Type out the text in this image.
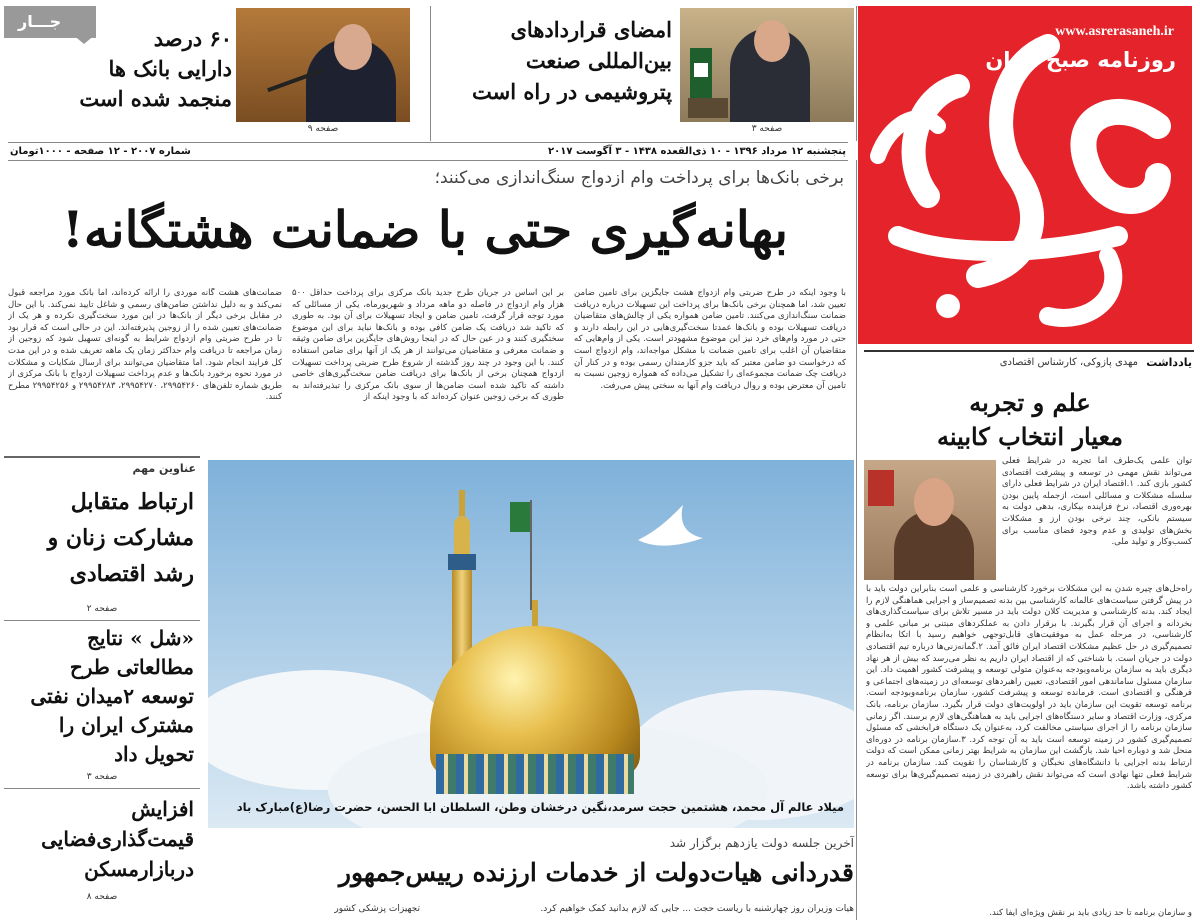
www.asrerasaneh.ir
روزنامه صبح ایران
صفحه ۳
امضای قراردادهای
بین‌المللی صنعت
پتروشیمی در راه است
صفحه ۹
۶۰ درصد
دارایی بانک ها
منجمد شده است
جـــار
پنجشنبه ۱۲ مرداد ۱۳۹۶ - ۱۰ ذی‌القعده ۱۴۳۸ - ۳ آگوست ۲۰۱۷
شماره ۲۰۰۷ - ۱۲ صفحه - ۱۰۰۰تومان
برخی بانک‌ها برای پرداخت وام ازدواج سنگ‌اندازی می‌کنند؛
بهانه‌گیری حتی با ضمانت هشتگانه!
با وجود اینکه در طرح ضربتی وام ازدواج هشت جایگزین برای تامین ضامن تعیین شد، اما همچنان برخی بانک‌ها برای پرداخت این تسهیلات درباره دریافت ضمانت سنگ‌اندازی می‌کنند. تامین ضامن همواره یکی از چالش‌های متقاضیان دریافت تسهیلات بوده و بانک‌ها عمدتا سخت‌گیری‌هایی در این رابطه دارند و حتی در مورد وام‌های خرد نیز این موضوع مشهودتر است. یکی از وام‌هایی که متقاضیان آن اغلب برای تامین ضمانت با مشکل مواجه‌اند، وام ازدواج است که درخواست دو ضامن معتبر که باید جزو کارمندان رسمی بوده و در کنار آن دریافت چک ضمانت مجموعه‌ای را تشکیل می‌داده که همواره زوجین نسبت به تامین آن معترض بوده و روال دریافت وام آنها به سختی پیش می‌رفت.
بر این اساس در جریان طرح جدید بانک مرکزی برای پرداخت حداقل ۵۰۰ هزار وام ازدواج در فاصله دو ماهه مرداد و شهریورماه، یکی از مسائلی که مورد توجه قرار گرفت، تامین ضامن و ایجاد تسهیلات برای آن بود. به طوری که تاکید شد دریافت یک ضامن کافی بوده و بانک‌ها نباید برای این موضوع سختگیری کنند و در عین حال که در اینجا روش‌های جایگزین برای ضامن وثیقه و ضمانت معرفی و متقاضیان می‌توانند از هر یک از آنها برای ضامن استفاده کنند. با این وجود در چند روز گذشته از شروع طرح ضربتی پرداخت تسهیلات ازدواج همچنان برخی از بانک‌ها برای دریافت ضامن سخت‌گیری‌های خاصی داشته که تاکید شده است ضامن‌ها از سوی بانک مرکزی را تبذیرفته‌اند به طوری که برخی زوجین عنوان کرده‌اند که با وجود اینکه از
ضمانت‌های هشت گانه موردی را ارائه کرده‌اند، اما بانک مورد مراجعه قبول نمی‌کند و به دلیل نداشتن ضامن‌های رسمی و شاغل تایید نمی‌کند. با این حال در مقابل برخی دیگر از بانک‌ها در این مورد سخت‌گیری نکرده و هر یک از ضمانت‌های تعیین شده را از زوجین پذیرفته‌اند. این در حالی است که قرار بود تا در طرح ضربتی وام ازدواج شرایط به گونه‌ای تسهیل شود که زوجین از زمان مراجعه تا دریافت وام حداکثر زمان یک ماهه تعریف شده و در این مدت کل فرایند انجام شود. اما متقاضیان می‌توانند برای ارسال شکایات و مشکلات در مورد نحوه برخورد بانک‌ها و عدم پرداخت تسهیلات ازدواج با بانک مرکزی از طریق شماره تلفن‌های ۲۹۹۵۴۲۶۰، ۲۹۹۵۴۲۷۰، ۲۹۹۵۴۲۸۳ و ۲۹۹۵۴۲۵۶ مطرح کنند.
میلاد عالم آل محمد، هشتمین حجت سرمد،نگین درخشان وطن، السلطان ابا الحسن، حضرت رضا(ع)مبارک باد
آخرین جلسه دولت یازدهم برگزار شد
قدردانی هیات‌دولت از خدمات ارزنده رییس‌جمهور
هیات وزیران روز چهارشنبه با ریاست حجت ... جایی که لازم بدانید کمک خواهیم کرد.
تجهیزات پزشکی کشور
عناوین مهم
ارتباط متقابل
مشارکت زنان و
رشد اقتصادی
صفحه ۲
«شل » نتایج
مطالعاتی طرح
توسعه ۲میدان نفتی
مشترک ایران را
تحویل داد
صفحه ۳
افزایش
قیمت‌گذاری‌فضایی
دربازارمسکن
صفحه ۸
یادداشت
مهدی پازوکی، کارشناس اقتصادی
علم و تجربه
معیار انتخاب کابینه
توان علمی یک‌طرف اما تجربه در شرایط فعلی می‌تواند نقش مهمی در توسعه و پیشرفت اقتصادی کشور بازی کند. ۱.اقتصاد ایران در شرایط فعلی دارای سلسله مشکلات و مسائلی است، ازجمله پایین بودن بهره‌وری اقتصاد، نرخ فزاینده بیکاری، بدهی دولت به سیستم بانکی، چند نرخی بودن ارز و مشکلات بخش‌های تولیدی و عدم وجود فضای مناسب برای کسب‌وکار و تولید ملی.
راه‌حل‌های چیره شدن به این مشکلات برخورد کارشناسی و علمی است بنابراین دولت باید با در پیش گرفتن سیاست‌های عالمانه کارشناسی بین بدنه تصمیم‌ساز و اجرایی هماهنگی لازم را ایجاد کند. بدنه کارشناسی و مدیریت کلان دولت باید در مسیر تلاش برای سیاست‌گذاری‌های بخردانه و اجرای آن قرار بگیرند. با برقرار دادن به عملکردهای مبتنی بر مبانی علمی و کارشناسی، در مرحله عمل به موفقیت‌های قابل‌توجهی خواهیم رسید با اتکا به‌انظام تصمیم‌گیری در حل عظیم مشکلات اقتصاد ایران فائق آمد. ۲.گمانه‌زنی‌ها درباره تیم اقتصادی دولت در جریان است. با شناختی که از اقتصاد ایران داریم به نظر می‌رسد که بیش از هر نهاد دیگری باید به سازمان برنامه‌وبودجه به‌عنوان متولی توسعه و پیشرفت کشور اهمیت داد. این سازمان مسئول ساماندهی امور اقتصادی، تعیین راهبردهای توسعه‌ای در زمینه‌های اجتماعی و فرهنگی و اقتصادی است. فرمانده توسعه و پیشرفت کشور، سازمان برنامه‌وبودجه است. برنامه توسعه تقویت این سازمان باید در اولویت‌های دولت قرار بگیرد. سازمان برنامه، بانک مرکزی، وزارت اقتصاد و سایر دستگاه‌های اجرایی باید به هماهنگی‌های لازم برسند. اگر زمانی سازمان برنامه را از اجرای سیاستی مخالفت کرد، به‌عنوان یک دستگاه فرابخشی که مسئول تصمیم‌گیری کشور در زمینه توسعه است باید به آن توجه کرد. ۳.سازمان برنامه در دوره‌ای منحل شد و دوباره احیا شد. بازگشت این سازمان به شرایط بهتر زمانی ممکن است که دولت ارتباط بدنه اجرایی با دانشگاه‌های نخبگان و کارشناسان را تقویت کند. سازمان برنامه در شرایط فعلی تنها نهادی است که می‌تواند نقش راهبردی در زمینه تصمیم‌گیری‌ها برای توسعه کشور داشته باشد.
و سازمان برنامه تا حد زیادی باید بر نقش ویژه‌ای ایفا کند.
